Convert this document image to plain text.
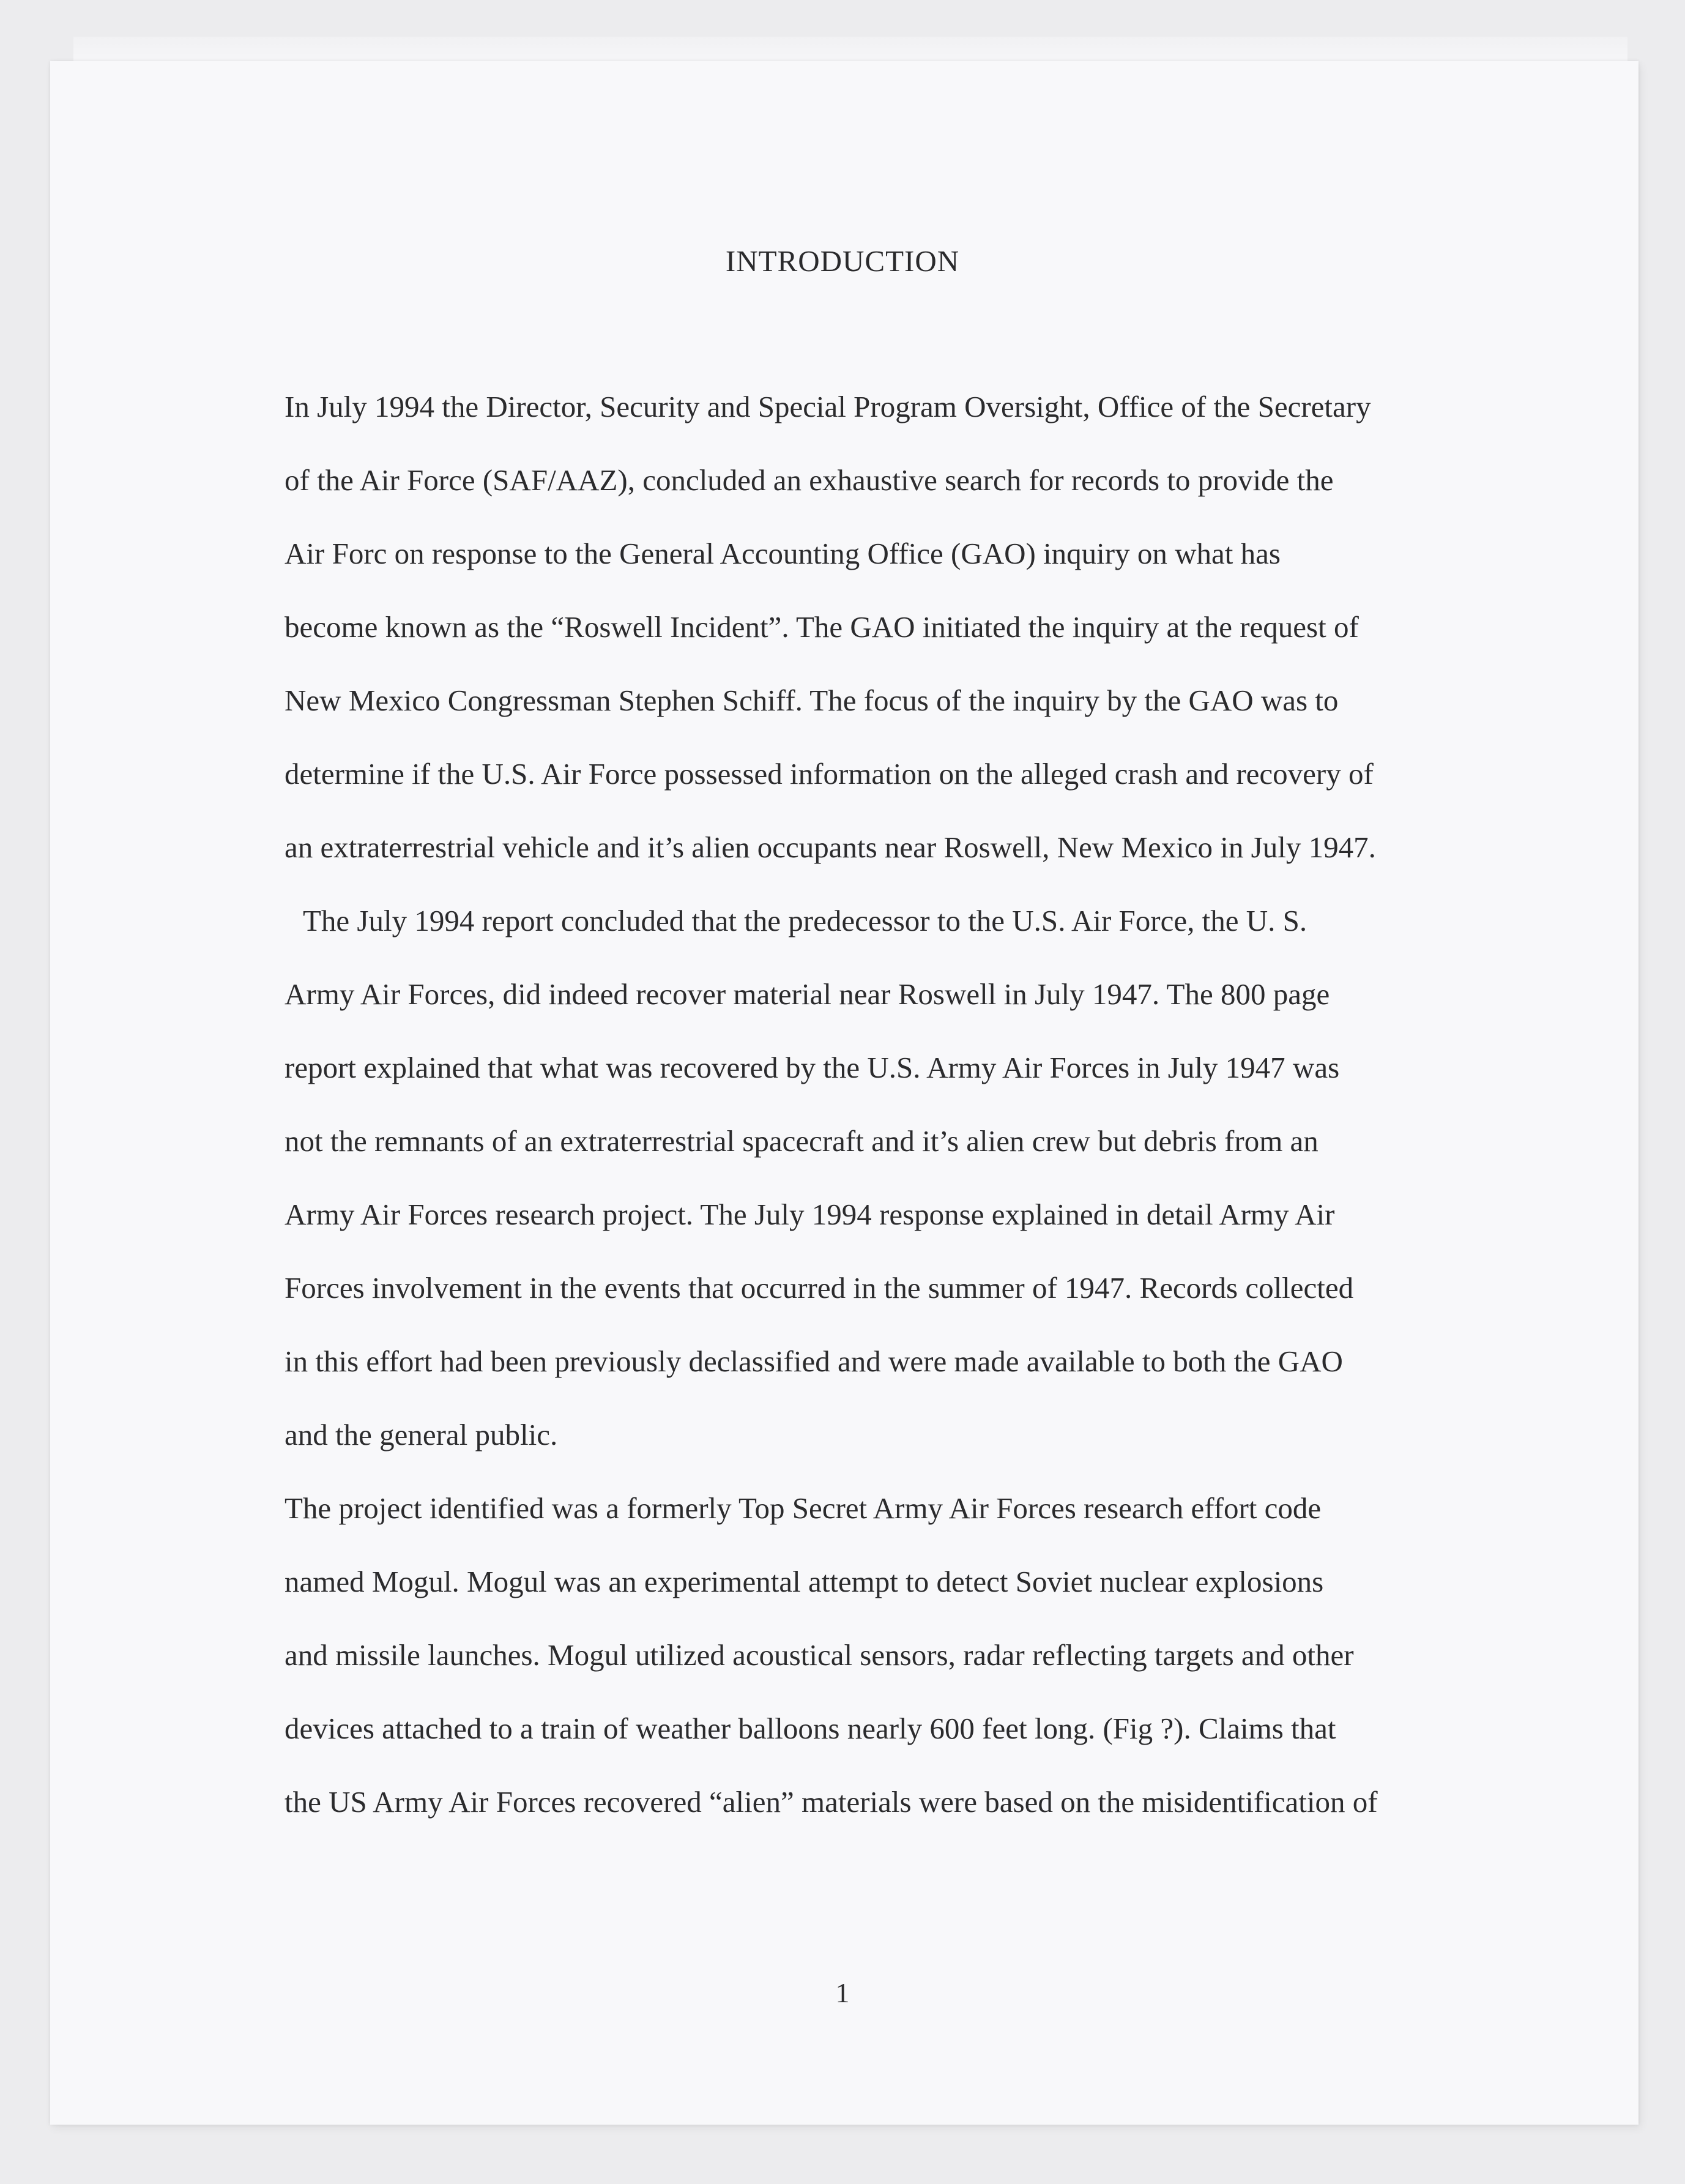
INTRODUCTION
In July 1994 the Director, Security and Special Program Oversight, Office of the Secretary
of the Air Force (SAF/AAZ), concluded an exhaustive search for records to provide the
Air Forc on response to the General Accounting Office (GAO) inquiry on what has
become known as the “Roswell Incident”. The GAO initiated the inquiry at the request of
New Mexico Congressman Stephen Schiff. The focus of the inquiry by the GAO was to
determine if the U.S. Air Force possessed information on the alleged crash and recovery of
an extraterrestrial vehicle and it’s alien occupants near Roswell, New Mexico in July 1947.
The July 1994 report concluded that the predecessor to the U.S. Air Force, the U. S.
Army Air Forces, did indeed recover material near Roswell in July 1947. The 800 page
report explained that what was recovered by the U.S. Army Air Forces in July 1947 was
not the remnants of an extraterrestrial spacecraft and it’s alien crew but debris from an
Army Air Forces research project. The July 1994 response explained in detail Army Air
Forces involvement in the events that occurred in the summer of 1947. Records collected
in this effort had been previously declassified and were made available to both the GAO
and the general public.
The project identified was a formerly Top Secret Army Air Forces research effort code
named Mogul. Mogul was an experimental attempt to detect Soviet nuclear explosions
and missile launches. Mogul utilized acoustical sensors, radar reflecting targets and other
devices attached to a train of weather balloons nearly 600 feet long. (Fig ?). Claims that
the US Army Air Forces recovered “alien” materials were based on the misidentification of
1
